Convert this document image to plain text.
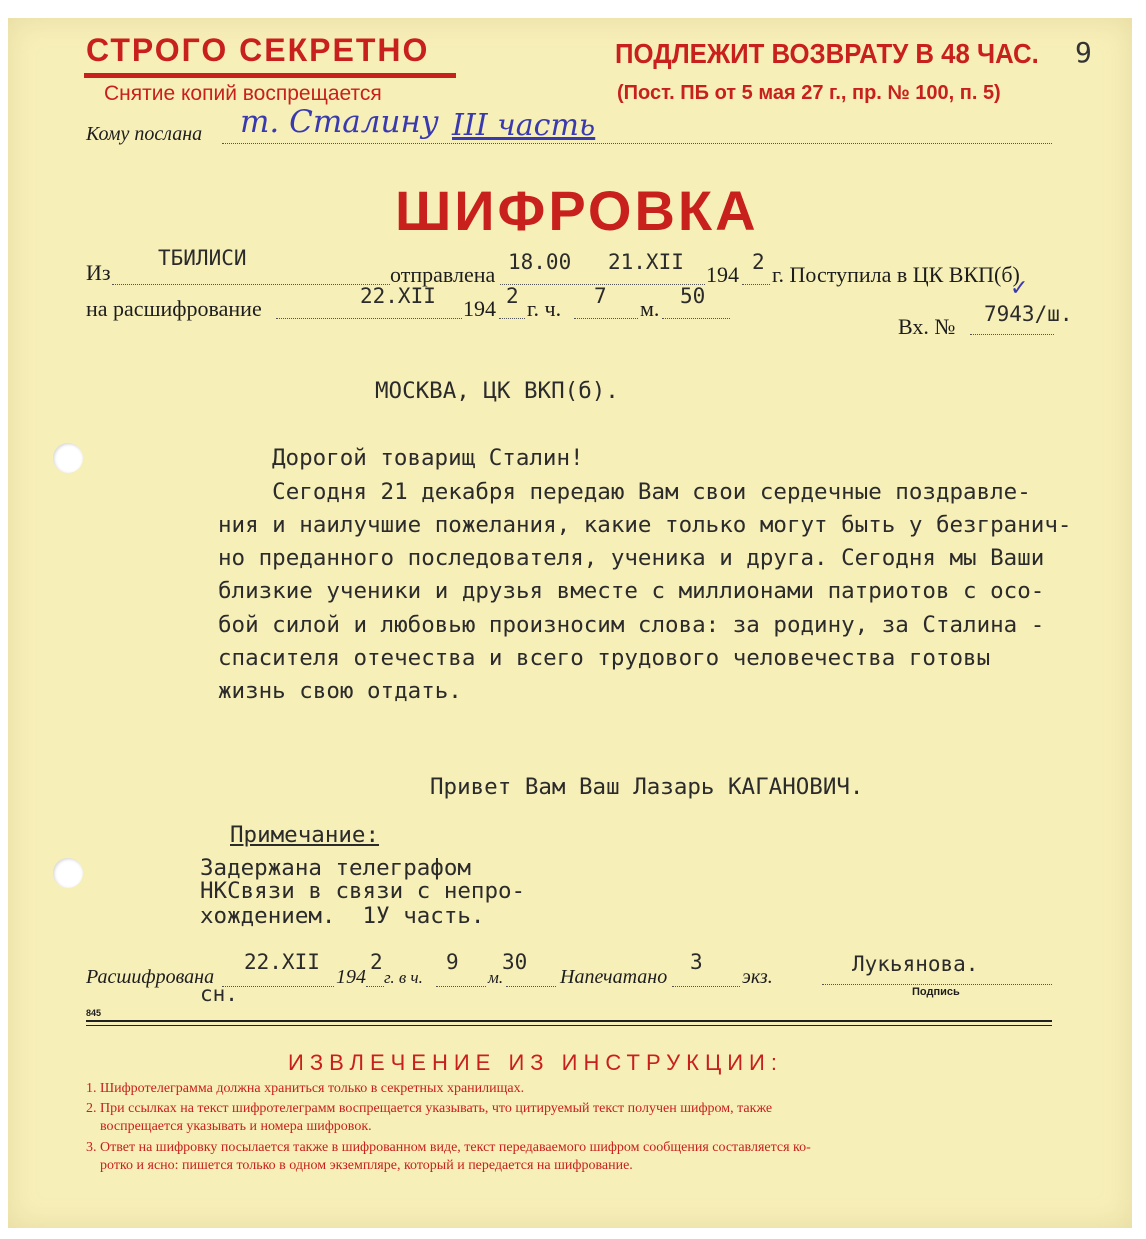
СТРОГО СЕКРЕТНО
Снятие копий воспрещается
ПОДЛЕЖИТ ВОЗВРАТУ В 48 ЧАС.
(Пост. ПБ от 5 мая 27 г., пр. № 100, п. 5)
9
Кому послана т. Сталину III часть
ШИФРОВКА
Из
ТБИЛИСИ
отправлена 18.00 21.XII 194 2 г. Поступила в ЦК ВКП(б)
на расшифрование	22.XII 194 2 г. ч. 7 м. 50
Вх. № 7943/ш.
✓
МОСКВА, ЦК ВКП(б).
Дорогой товарищ Сталин!
Сегодня 21 декабря передаю Вам свои сердечные поздравле-
ния и наилучшие пожелания, какие только могут быть у безгранич-
но преданного последователя, ученика и друга. Сегодня мы Ваши
близкие ученики и друзья вместе с миллионами патриотов с осо-
бой силой и любовью произносим слова: за родину, за Сталина -
спасителя отечества и всего трудового человечества готовы
жизнь свою отдать.
Привет Вам Ваш Лазарь КАГАНОВИЧ.
Примечание:
Задержана телеграфом
НКСвязи в связи с непро-
хождением.  1У часть.
Расшифрована
22.XII
194
2
г. в ч.
9
м.
30
Напечатано
3
экз.
Лукьянова.
Подпись
сн.
845
ИЗВЛЕЧЕНИЕ ИЗ ИНСТРУКЦИИ:
1. Шифротелеграмма должна храниться только в секретных хранилищах.
2. При ссылках на текст шифротелеграмм воспрещается указывать, что цитируемый текст получен шифром, также
воспрещается указывать и номера шифровок.
3. Ответ на шифровку посылается также в шифрованном виде, текст передаваемого шифром сообщения составляется ко-
ротко и ясно: пишется только в одном экземпляре, который и передается на шифрование.
